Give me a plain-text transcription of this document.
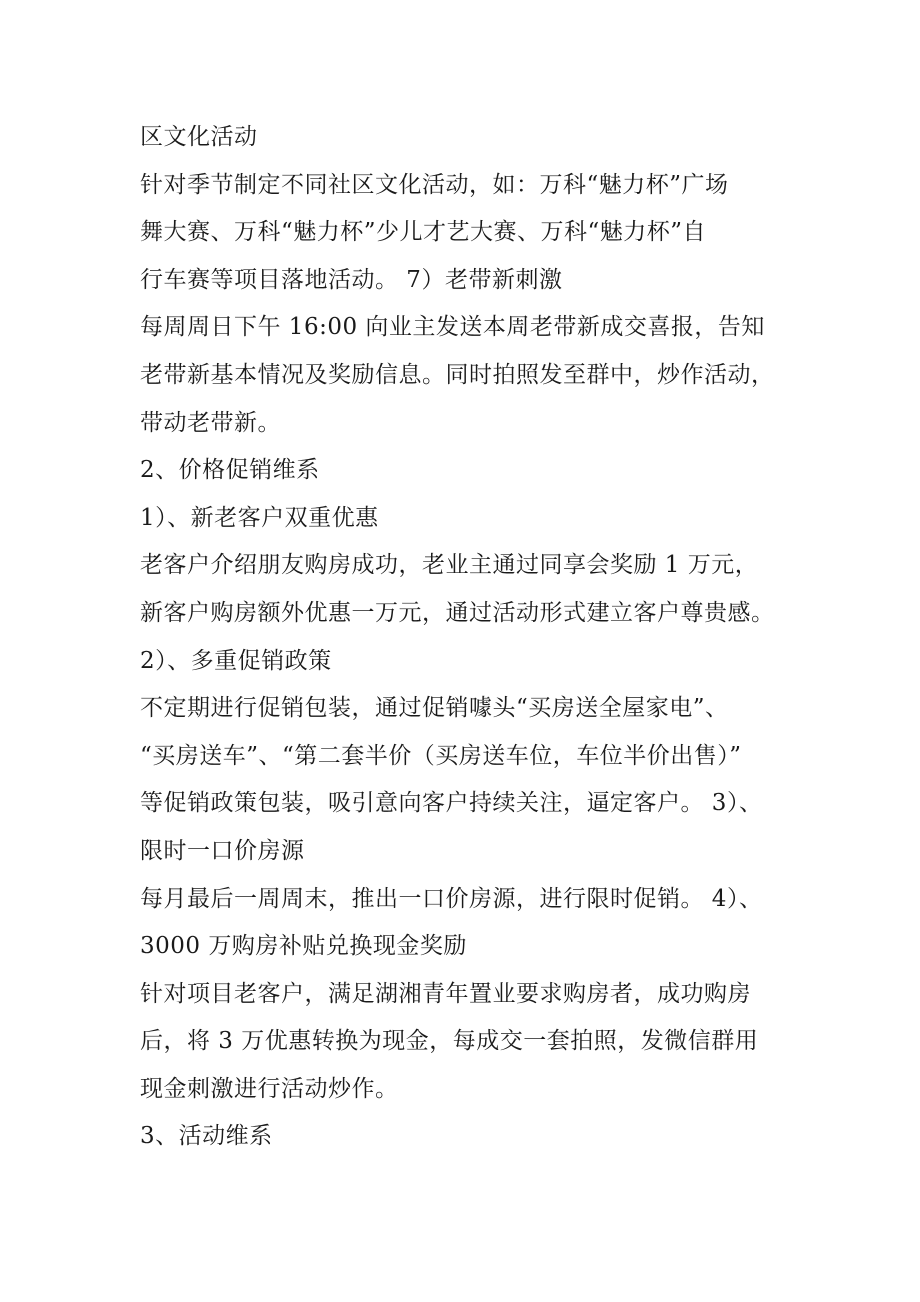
区文化活动
针对季节制定不同社区文化活动，如：万科“魅力杯”广场
舞大赛、万科“魅力杯”少儿才艺大赛、万科“魅力杯”自
行车赛等项目落地活动。 7）老带新刺激
每周周日下午 16:00 向业主发送本周老带新成交喜报，告知
老带新基本情况及奖励信息。同时拍照发至群中，炒作活动，
带动老带新。
2、价格促销维系
1）、新老客户双重优惠
老客户介绍朋友购房成功，老业主通过同享会奖励 1 万元，
新客户购房额外优惠一万元，通过活动形式建立客户尊贵感。
2）、多重促销政策
不定期进行促销包装，通过促销噱头“买房送全屋家电”、
“买房送车”、“第二套半价（买房送车位，车位半价出售）”
等促销政策包装，吸引意向客户持续关注，逼定客户。 3）、
限时一口价房源
每月最后一周周末，推出一口价房源，进行限时促销。 4）、
3000 万购房补贴兑换现金奖励
针对项目老客户，满足湖湘青年置业要求购房者，成功购房
后，将 3 万优惠转换为现金，每成交一套拍照，发微信群用
现金刺激进行活动炒作。
3、活动维系
